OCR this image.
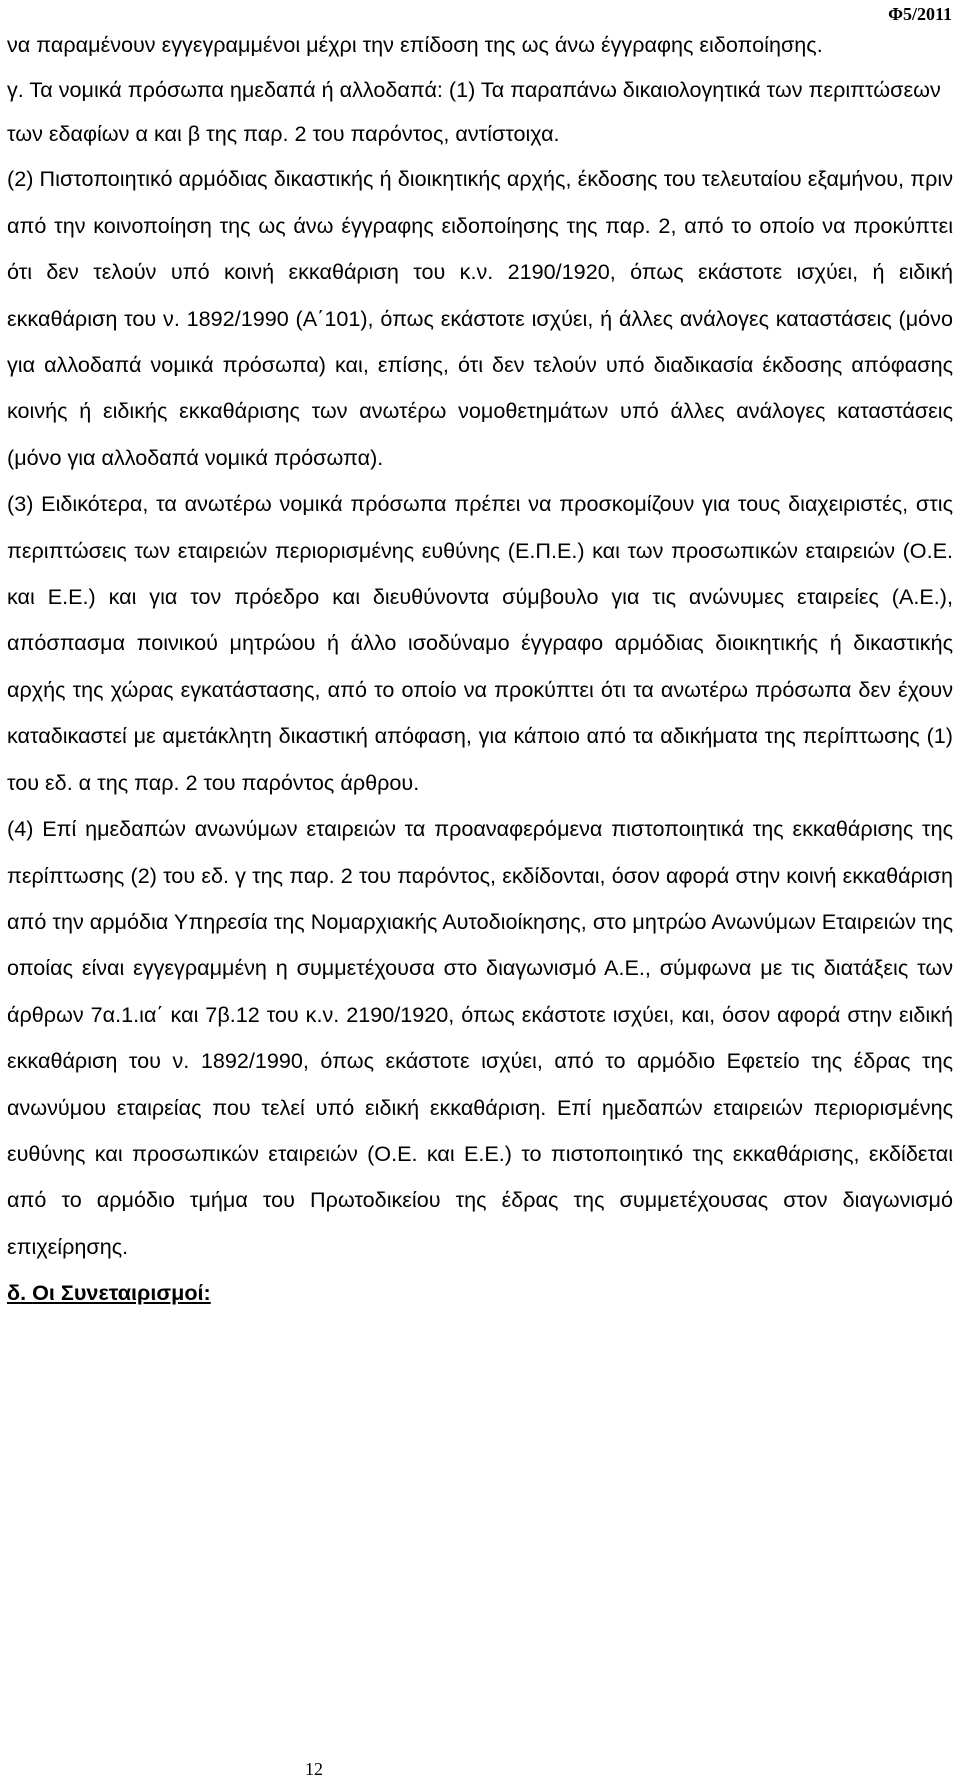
Φ5/2011

να παραμένουν εγγεγραμμένοι μέχρι την επίδοση της ως άνω έγγραφης ειδοποίησης.

γ. Τα νομικά πρόσωπα ημεδαπά ή αλλοδαπά: (1) Τα παραπάνω δικαιολογητικά των περιπτώσεων

των εδαφίων α και β της παρ. 2 του παρόντος, αντίστοιχα.

(2) Πιστοποιητικό αρμόδιας δικαστικής ή διοικητικής αρχής, έκδοσης του τελευταίου εξαμήνου, πριν από την κοινοποίηση της ως άνω έγγραφης ειδοποίησης της παρ. 2, από το οποίο να προκύπτει ότι δεν τελούν υπό κοινή εκκαθάριση του κ.ν. 2190/1920, όπως εκάστοτε ισχύει, ή ειδική εκκαθάριση του ν. 1892/1990 (Α΄101), όπως εκάστοτε ισχύει, ή άλλες ανάλογες καταστάσεις (μόνο για αλλοδαπά νομικά πρόσωπα) και, επίσης, ότι δεν τελούν υπό διαδικασία έκδοσης απόφασης κοινής ή ειδικής εκκαθάρισης των ανωτέρω νομοθετημάτων υπό άλλες ανάλογες καταστάσεις (μόνο για αλλοδαπά νομικά πρόσωπα).

(3) Ειδικότερα, τα ανωτέρω νομικά πρόσωπα πρέπει να προσκομίζουν για τους διαχειριστές, στις περιπτώσεις των εταιρειών περιορισμένης ευθύνης (Ε.Π.Ε.) και των προσωπικών εταιρειών (Ο.Ε. και Ε.Ε.) και για τον πρόεδρο και διευθύνοντα σύμβουλο για τις ανώνυμες εταιρείες (Α.Ε.), απόσπασμα ποινικού μητρώου ή άλλο ισοδύναμο έγγραφο αρμόδιας διοικητικής ή δικαστικής αρχής της χώρας εγκατάστασης, από το οποίο να προκύπτει ότι τα ανωτέρω πρόσωπα δεν έχουν καταδικαστεί με αμετάκλητη δικαστική απόφαση, για κάποιο από τα αδικήματα της περίπτωσης (1) του εδ. α της παρ. 2 του παρόντος άρθρου.

(4) Επί ημεδαπών ανωνύμων εταιρειών τα προαναφερόμενα πιστοποιητικά της εκκαθάρισης της περίπτωσης (2) του εδ. γ της παρ. 2 του παρόντος, εκδίδονται, όσον αφορά στην κοινή εκκαθάριση από την αρμόδια Υπηρεσία της Νομαρχιακής Αυτοδιοίκησης, στο μητρώο Ανωνύμων Εταιρειών της οποίας είναι εγγεγραμμένη η συμμετέχουσα στο διαγωνισμό Α.Ε., σύμφωνα με τις διατάξεις των άρθρων 7α.1.ια΄ και 7β.12 του κ.ν. 2190/1920, όπως εκάστοτε ισχύει, και, όσον αφορά στην ειδική εκκαθάριση του ν. 1892/1990, όπως εκάστοτε ισχύει, από το αρμόδιο Εφετείο της έδρας της ανωνύμου εταιρείας που τελεί υπό ειδική εκκαθάριση. Επί ημεδαπών εταιρειών περιορισμένης ευθύνης και προσωπικών εταιρειών (Ο.Ε. και Ε.Ε.) το πιστοποιητικό της εκκαθάρισης, εκδίδεται από το αρμόδιο τμήμα του Πρωτοδικείου της έδρας της συμμετέχουσας στον διαγωνισμό επιχείρησης.

δ. Οι Συνεταιρισμοί:
12
